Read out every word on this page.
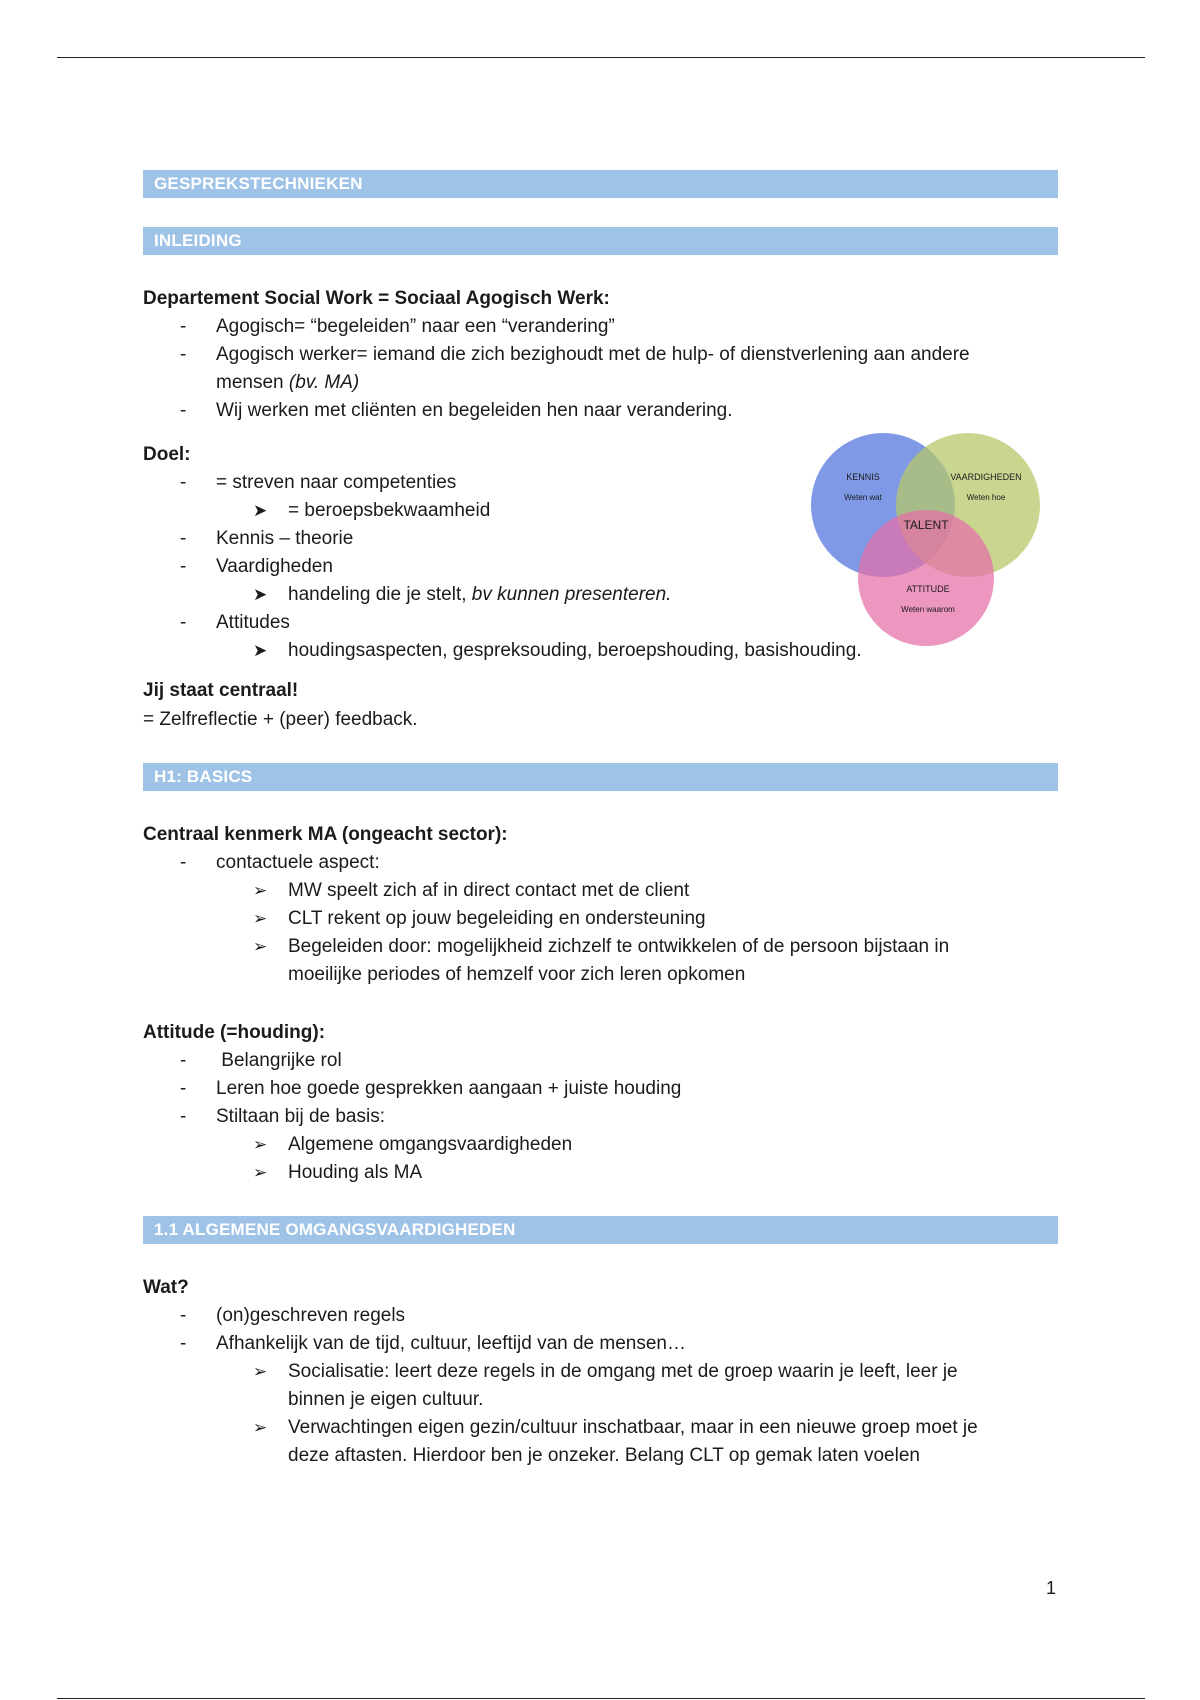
GESPREKSTECHNIEKEN
INLEIDING

Departement Social Work = Sociaal Agogisch Werk:

- Agogisch= “begeleiden” naar een “verandering”
- Agogisch werker= iemand die zich bezighoudt met de hulp- of dienstverlening aan andere
mensen (bv. MA)
- Wij werken met cliënten en begeleiden hen naar verandering.

Doel:

- = streven naar competenties
➤ = beroepsbekwaamheid
- Kennis – theorie
- Vaardigheden
➤ handeling die je stelt, bv kunnen presenteren.
- Attitudes
➤ houdingsaspecten, gespreksouding, beroepshouding, basishouding.

Jij staat centraal!

= Zelfreflectie + (peer) feedback.

H1: BASICS

Centraal kenmerk MA (ongeacht sector):

- contactuele aspect:
➢ MW speelt zich af in direct contact met de client
➢ CLT rekent op jouw begeleiding en ondersteuning
➢ Begeleiden door: mogelijkheid zichzelf te ontwikkelen of de persoon bijstaan in
moeilijke periodes of hemzelf voor zich leren opkomen

Attitude (=houding):

-  Belangrijke rol
- Leren hoe goede gesprekken aangaan + juiste houding
- Stiltaan bij de basis:
➢ Algemene omgangsvaardigheden
➢ Houding als MA
1.1 ALGEMENE OMGANGSVAARDIGHEDEN

Wat?

- (on)geschreven regels
- Afhankelijk van de tijd, cultuur, leeftijd van de mensen…
➢ Socialisatie: leert deze regels in de omgang met de groep waarin je leeft, leer je
binnen je eigen cultuur.
➢ Verwachtingen eigen gezin/cultuur inschatbaar, maar in een nieuwe groep moet je
deze aftasten. Hierdoor ben je onzeker. Belang CLT op gemak laten voelen
KENNIS
Weten wat
VAARDIGHEDEN
Weten hoe
TALENT
ATTITUDE
Weten waarom
1
